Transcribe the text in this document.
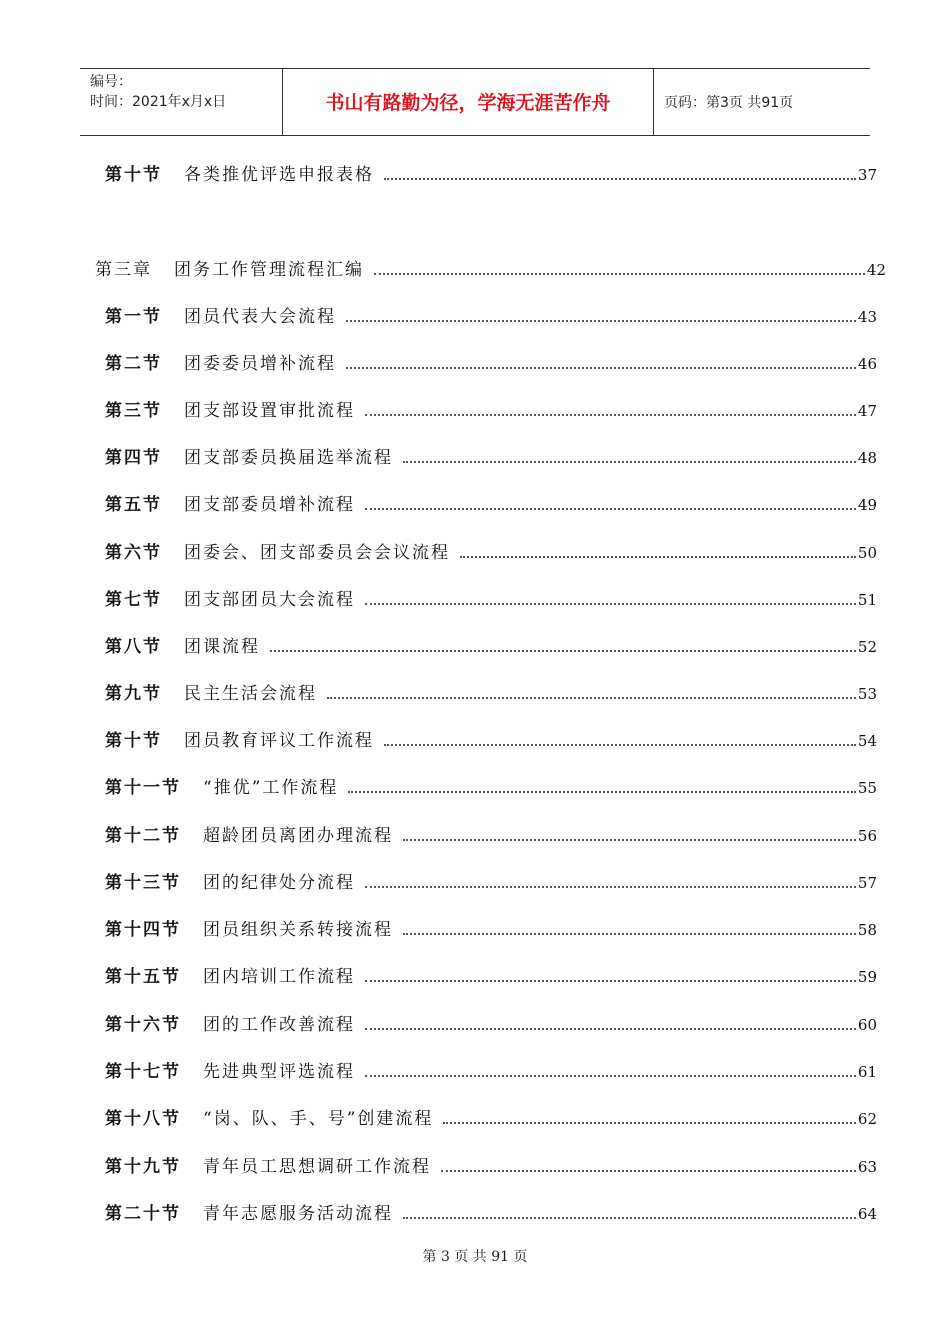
编号：
时间：2021年x月x日	书山有路勤为径，学海无涯苦作舟	页码：第3页 共91页
第十节 各类推优评选申报表格	37
第三章 团务工作管理流程汇编	42
第一节 团员代表大会流程	43
第二节 团委委员增补流程	46
第三节 团支部设置审批流程	47
第四节 团支部委员换届选举流程	48
第五节 团支部委员增补流程	49
第六节 团委会、团支部委员会会议流程	50
第七节 团支部团员大会流程	51
第八节 团课流程	52
第九节 民主生活会流程	53
第十节 团员教育评议工作流程	54
第十一节 “推优”工作流程	55
第十二节 超龄团员离团办理流程	56
第十三节 团的纪律处分流程	57
第十四节 团员组织关系转接流程	58
第十五节 团内培训工作流程	59
第十六节 团的工作改善流程	60
第十七节 先进典型评选流程	61
第十八节 “岗、队、手、号”创建流程	62
第十九节 青年员工思想调研工作流程	63
第二十节 青年志愿服务活动流程	64
第 3 页 共 91 页
